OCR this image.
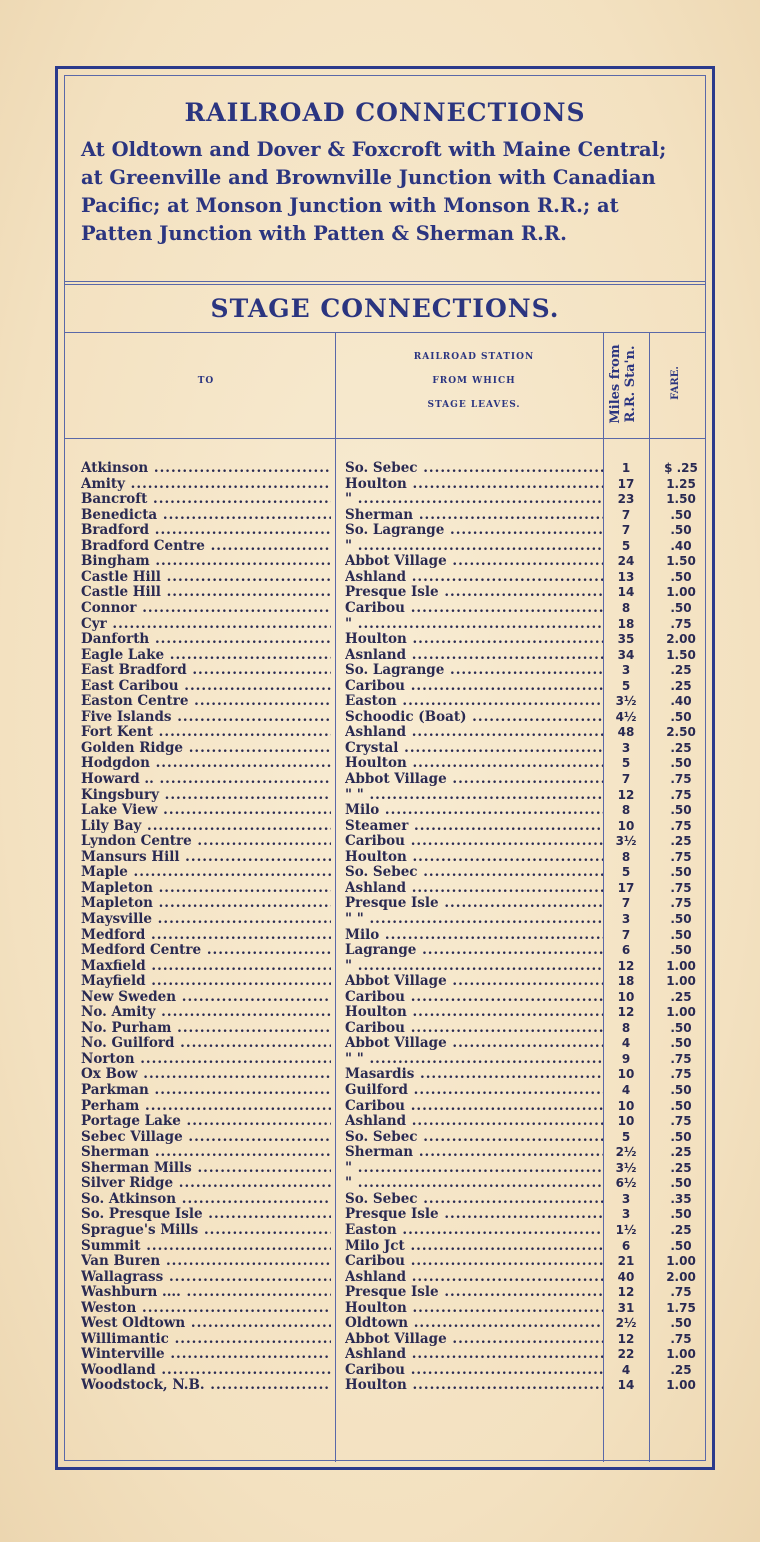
RAILROAD CONNECTIONS
At Oldtown and Dover & Foxcroft with Maine Central; at Greenville and Brownville Junction with Canadian Pacific; at Monson Junction with Monson R.R.; at Patten Junction with Patten & Sherman R.R.
STAGE CONNECTIONS.
TO
RAILROAD STATION
FROM WHICH
STAGE LEAVES.	Miles from R.R. Sta'n.	FARE.
Atkinson .....	So. Sebec .....	1	$ .25
Amity .....	Houlton .....	17	1.25
Bancroft .....	" .....	23	1.50
Benedicta .....	Sherman .....	7	.50
Bradford .....	So. Lagrange .....	7	.50
Bradford Centre .....	" .....	5	.40
Bingham .....	Abbot Village .....	24	1.50
Castle Hill .....	Ashland .....	13	.50
Castle Hill .....	Presque Isle .....	14	1.00
Connor .....	Caribou .....	8	.50
Cyr .....	" .....	18	.75
Danforth .....	Houlton .....	35	2.00
Eagle Lake .....	Asnland .....	34	1.50
East Bradford .....	So. Lagrange .....	3	.25
East Caribou .....	Caribou .....	5	.25
Easton Centre .....	Easton .....	3½	.40
Five Islands .....	Schoodic (Boat) .....	4½	.50
Fort Kent .....	Ashland .....	48	2.50
Golden Ridge .....	Crystal .....	3	.25
Hodgdon .....	Houlton .....	5	.50
Howard .. .....	Abbot Village .....	7	.75
Kingsbury .....	" " .....	12	.75
Lake View .....	Milo .....	8	.50
Lily Bay .....	Steamer .....	10	.75
Lyndon Centre .....	Caribou .....	3½	.25
Mansurs Hill .....	Houlton .....	8	.75
Maple .....	So. Sebec .....	5	.50
Mapleton .....	Ashland .....	17	.75
Mapleton .....	Presque Isle .....	7	.75
Maysville .....	" " .....	3	.50
Medford .....	Milo .....	7	.50
Medford Centre .....	Lagrange .....	6	.50
Maxfield .....	" .....	12	1.00
Mayfield .....	Abbot Village .....	18	1.00
New Sweden .....	Caribou .....	10	.25
No. Amity .....	Houlton .....	12	1.00
No. Purham .....	Caribou .....	8	.50
No. Guilford .....	Abbot Village .....	4	.50
Norton .....	" " .....	9	.75
Ox Bow .....	Masardis .....	10	.75
Parkman .....	Guilford .....	4	.50
Perham .....	Caribou .....	10	.50
Portage Lake .....	Ashland .....	10	.75
Sebec Village .....	So. Sebec .....	5	.50
Sherman .....	Sherman .....	2½	.25
Sherman Mills .....	" .....	3½	.25
Silver Ridge .....	" .....	6½	.50
So. Atkinson .....	So. Sebec .....	3	.35
So. Presque Isle .....	Presque Isle .....	3	.50
Sprague's Mills .....	Easton .....	1½	.25
Summit .....	Milo Jct .....	6	.50
Van Buren .....	Caribou .....	21	1.00
Wallagrass .....	Ashland .....	40	2.00
Washburn .... .....	Presque Isle .....	12	.75
Weston .....	Houlton .....	31	1.75
West Oldtown .....	Oldtown .....	2½	.50
Willimantic .....	Abbot Village .....	12	.75
Winterville .....	Ashland .....	22	1.00
Woodland .....	Caribou .....	4	.25
Woodstock, N.B. .....	Houlton .....	14	1.00
